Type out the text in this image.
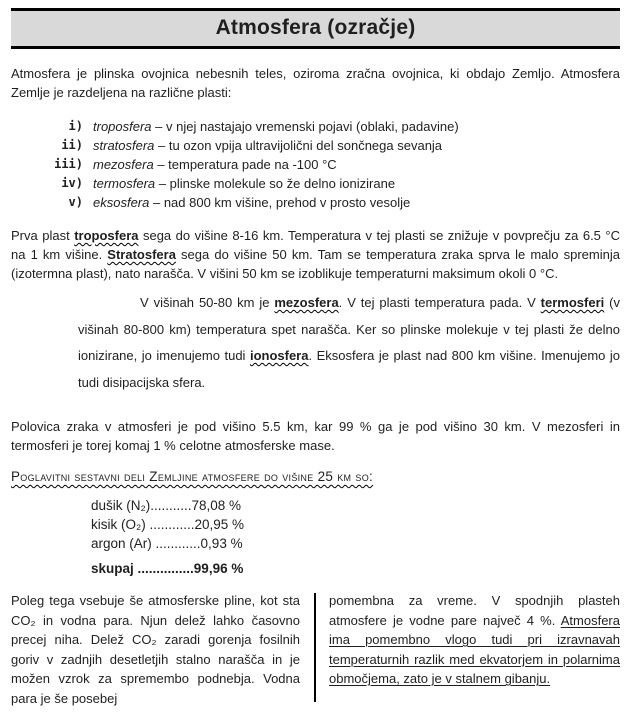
Atmosfera (ozračje)

Atmosfera je plinska ovojnica nebesnih teles, oziroma zračna ovojnica, ki obdajo Zemljo. Atmosfera Zemlje je razdeljena na različne plasti:

i) troposfera – v njej nastajajo vremenski pojavi (oblaki, padavine)
ii) stratosfera – tu ozon vpija ultravijolični del sončnega sevanja
iii) mezosfera – temperatura pade na -100 °C
iv) termosfera – plinske molekule so že delno ionizirane
v) eksosfera – nad 800 km višine, prehod v prosto vesolje

Prva plast troposfera sega do višine 8-16 km. Temperatura v tej plasti se znižuje v povprečju za 6.5 °C na 1 km višine. Stratosfera sega do višine 50 km. Tam se temperatura zraka sprva le malo spreminja (izotermna plast), nato narašča. V višini 50 km se izoblikuje temperaturni maksimum okoli 0 °C.

V višinah 50-80 km je mezosfera. V tej plasti temperatura pada. V termosferi (v višinah 80-800 km) temperatura spet narašča. Ker so plinske molekuje v tej plasti že delno ionizirane, jo imenujemo tudi ionosfera. Eksosfera je plast nad 800 km višine. Imenujemo jo tudi disipacijska sfera.

Polovica zraka v atmosferi je pod višino 5.5 km, kar 99 % ga je pod višino 30 km. V mezosferi in termosferi je torej komaj 1 % celotne atmosferske mase.

Poglavitni sestavni deli Zemljine atmosfere do višine 25 km so:
dušik (N₂)...........78,08 %
kisik (O₂) ............20,95 %
argon (Ar) ............0,93 %
skupaj ...............99,96 %

Poleg tega vsebuje še atmosferske pline, kot sta CO₂ in vodna para. Njun delež lahko časovno precej niha. Delež CO₂ zaradi gorenja fosilnih goriv v zadnjih desetletjih stalno narašča in je možen vzrok za spremembo podnebja. Vodna para je še posebej

pomembna za vreme. V spodnjih plasteh atmosfere je vodne pare največ 4 %. Atmosfera ima pomembno vlogo tudi pri izravnavah temperaturnih razlik med ekvatorjem in polarnima območjema, zato je v stalnem gibanju.
